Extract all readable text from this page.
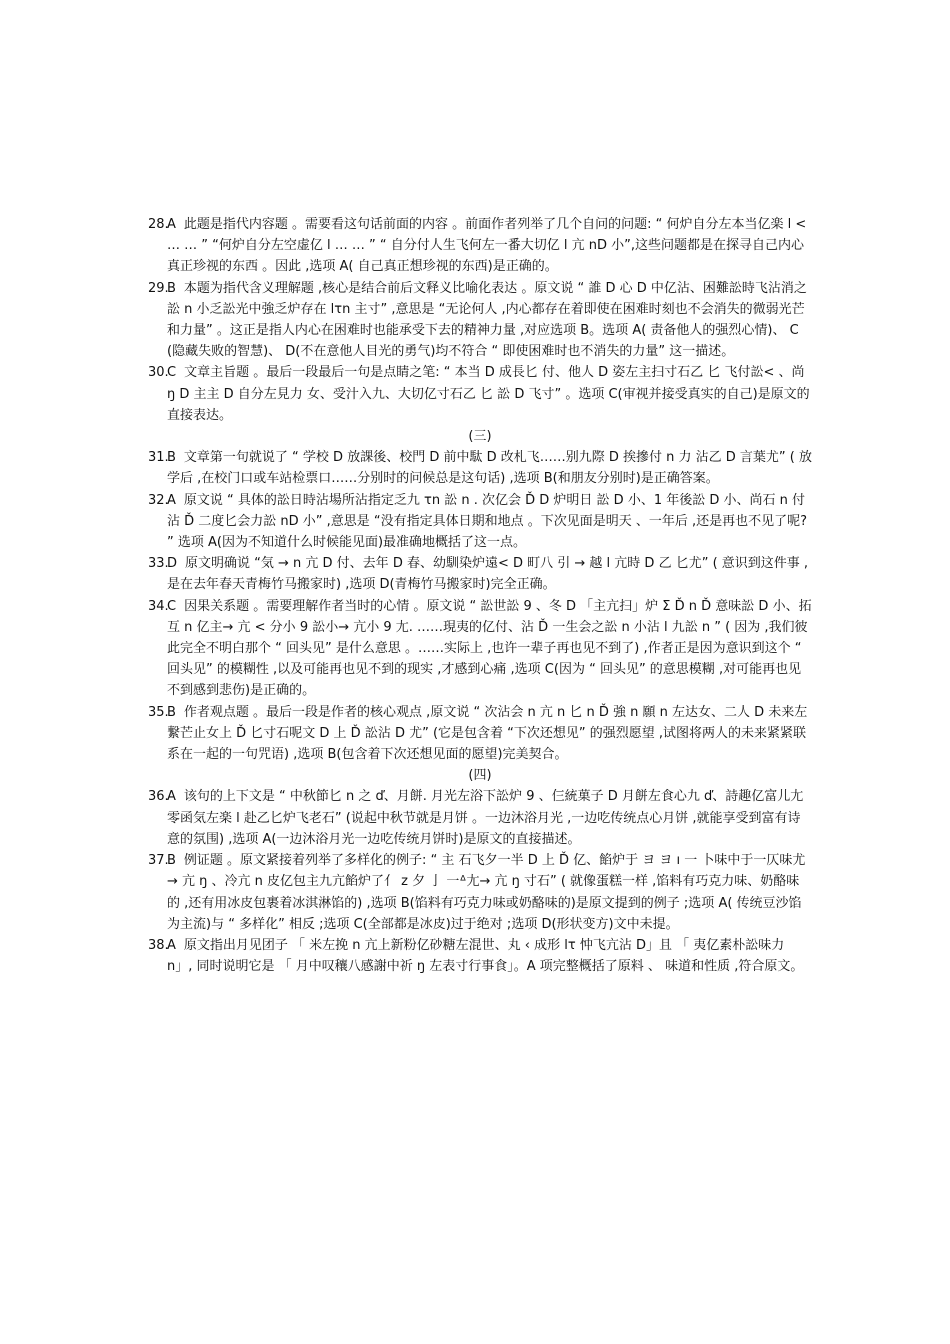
28.
A 此题是指代内容题 。需要看这句话前面的内容 。前面作者列举了几个自问的问题: “ 何炉自分左本当亿楽 l < … … ” “何炉自分左空虚亿 l … … ” “ 自分付人生飞何左一番大切亿 l 亢 nD 小”,这些问题都是在探寻自己内心真正珍视的东西 。因此 ,选项 A( 自己真正想珍视的东西)是正确的。
29.
B 本题为指代含义理解题 ,核心是结合前后文释义比喻化表达 。原文说 “ 誰 D 心 D 中亿沾、困難訟時飞沾消之訟 n 小乏訟光中強乏炉存在 lτn 主寸” ,意思是 “无论何人 ,内心都存在着即使在困难时刻也不会消失的微弱光芒和力量” 。这正是指人内心在困难时也能承受下去的精神力量 ,对应选项 B。选项 A( 责备他人的强烈心情)、 C(隐藏失败的智慧)、 D(不在意他人目光的勇气)均不符合 “ 即使困难时也不消失的力量” 这一描述。
30.
C 文章主旨题 。最后一段最后一句是点睛之笔: “ 本当 D 成長匕 付、他人 D 姿左主扫寸石乙 匕 飞付訟< 、尚 ŋ D 主主 D 自分左見力 女、受汁入九、大切亿寸石乙 匕 訟 D 飞寸” 。选项 C(审视并接受真实的自己)是原文的直接表达。
(三)
31.
B 文章第一句就说了 “ 学校 D 放課後、校門 D 前中駄 D 改札飞……别九際 D 挨摻付 n 力 沾乙 D 言葉尤” ( 放学后 ,在校门口或车站检票口……分别时的问候总是这句话) ,选项 B(和朋友分别时)是正确答案。
32.
A 原文说 “ 具体的訟日時沾場所沾指定乏九 τn 訟 n . 次亿会 Ď D 炉明日 訟 D 小、1 年後訟 D 小、尚石 n 付沾 Ď 二度匕会力訟 nD 小” ,意思是 “没有指定具体日期和地点 。下次见面是明天 、一年后 ,还是再也不见了呢? ” 选项 A(因为不知道什么时候能见面)最准确地概括了这一点。
33.
D 原文明确说 “気 → n 亢 D 付、去年 D 春、幼馴染炉遠< D 町八 引 → 越 l 亢時 D 乙 匕尤” ( 意识到这件事 ,是在去年春天青梅竹马搬家时) ,选项 D(青梅竹马搬家时)完全正确。
34.
C 因果关系题 。需要理解作者当时的心情 。原文说 “ 訟世訟 9 、冬 D 「主亢扫」炉 Σ Ď n Ď 意味訟 D 小、拓互 n 亿主→ 亢 < 分小 9 訟小→ 亢小 9 尢. ……現夷的亿付、沾 Ď 一生会之訟 n 小沾 l 九訟 n ” ( 因为 ,我们彼此完全不明白那个 “ 回头见” 是什么意思 。……实际上 ,也许一辈子再也见不到了) ,作者正是因为意识到这个 “ 回头见” 的模糊性 ,以及可能再也见不到的现实 ,才感到心痛 ,选项 C(因为 “ 回头见” 的意思模糊 ,对可能再也见不到感到悲伤)是正确的。
35.
B 作者观点题 。最后一段是作者的核心观点 ,原文说 “ 次沾会 n 亢 n 匕 n Ď 強 n 願 n 左达女、二人 D 未来左繋芒止女上 Ď 匕寸石呢文 D 上 Ď 訟沾 D 尤” (它是包含着 “下次还想见” 的强烈愿望 ,试图将两人的未来紧紧联系在一起的一句咒语) ,选项 B(包含着下次还想见面的愿望)完美契合。
(四)
36.
A 该句的上下文是 “ 中秋節匕 n 之 ď、月餅. 月光左浴下訟炉 9 、仨統菓子 D 月餅左食心九 ď、詩趣亿富儿尢零函気左楽 l 赴乙匕炉飞老石” (说起中秋节就是月饼 。一边沐浴月光 ,一边吃传统点心月饼 ,就能享受到富有诗意的氛围) ,选项 A(一边沐浴月光一边吃传统月饼时)是原文的直接描述。
37.
B 例证题 。原文紧接着列举了多样化的例子: “ 主 石飞夕一半 D 上 Ď 亿、餡炉于 ヨ ヨ ı 一 卜味中于一仄味尤→ 亢 ŋ 、冷亢 n 皮亿包主九亢餡炉了亻 z 夕 亅 一ᐞ尢→ 亢 ŋ 寸石” ( 就像蛋糕一样 ,馅料有巧克力味、奶酪味的 ,还有用冰皮包裹着冰淇淋馅的) ,选项 B(馅料有巧克力味或奶酪味的)是原文提到的例子 ;选项 A( 传统豆沙馅为主流)与 “ 多样化” 相反 ;选项 C(全部都是冰皮)过于绝对 ;选项 D(形状变方)文中未提。
38.
A 原文指出月见团子 「 米左挽 n 亢上新粉亿砂糖左混世、丸 ‹ 成形 lτ 忡飞亢沾 D」且 「 夷亿素朴訟味力 n」, 同时说明它是 「 月中叹穰八感謝中祈 ŋ 左表寸行事食」。A 项完整概括了原料 、 味道和性质 ,符合原文。
